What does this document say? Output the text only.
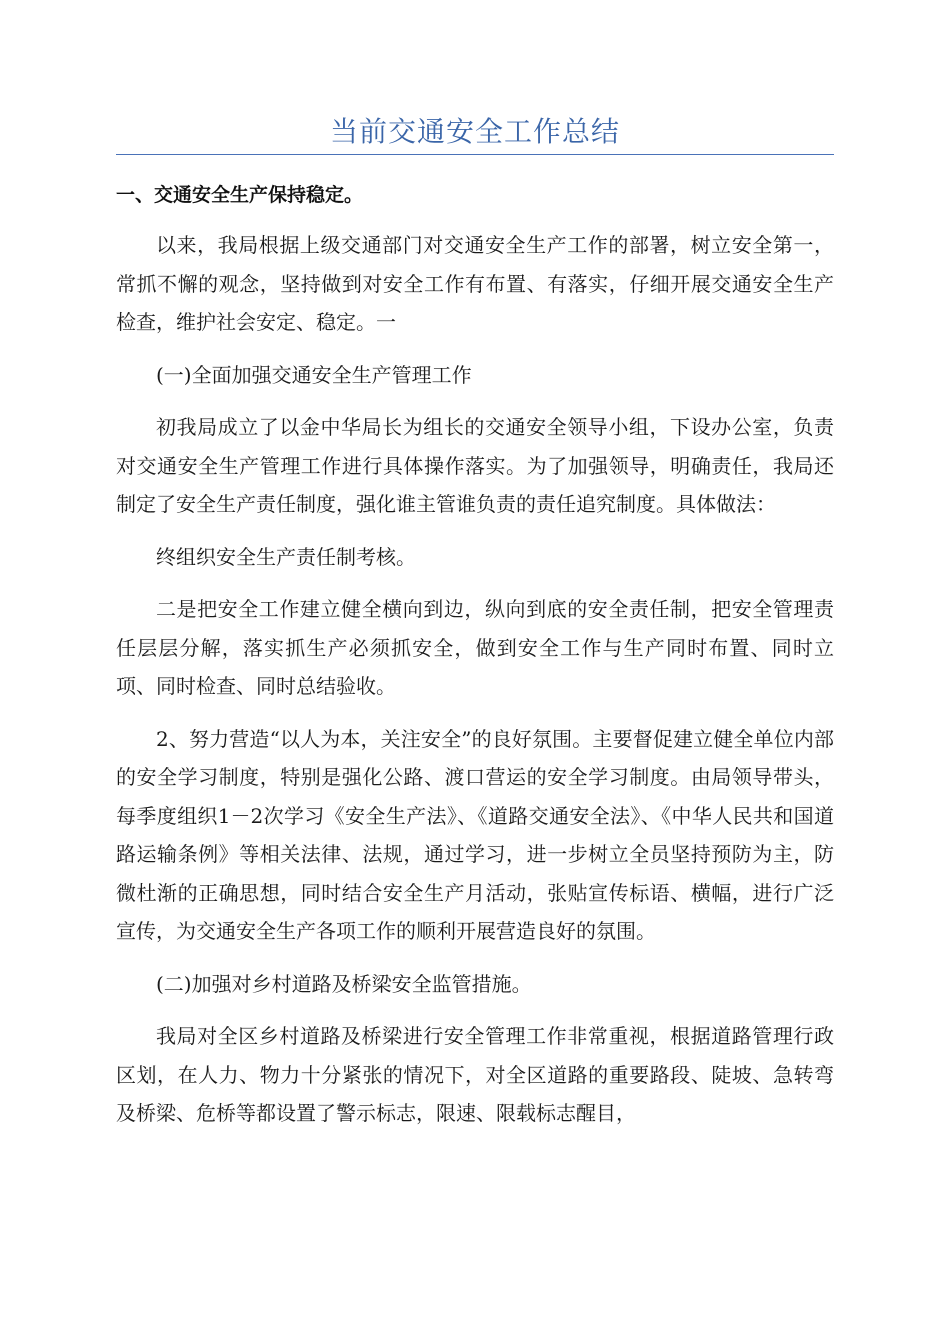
当前交通安全工作总结

一、交通安全生产保持稳定。

以来，我局根据上级交通部门对交通安全生产工作的部署，树立安全第一，常抓不懈的观念，坚持做到对安全工作有布置、有落实，仔细开展交通安全生产检查，维护社会安定、稳定。一

(一)全面加强交通安全生产管理工作

初我局成立了以金中华局长为组长的交通安全领导小组，下设办公室，负责对交通安全生产管理工作进行具体操作落实。为了加强领导，明确责任，我局还制定了安全生产责任制度，强化谁主管谁负责的责任追究制度。具体做法：

终组织安全生产责任制考核。

二是把安全工作建立健全横向到边，纵向到底的安全责任制，把安全管理责任层层分解，落实抓生产必须抓安全，做到安全工作与生产同时布置、同时立项、同时检查、同时总结验收。

2、努力营造“以人为本，关注安全”的良好氛围。主要督促建立健全单位内部的安全学习制度，特别是强化公路、渡口营运的安全学习制度。由局领导带头，每季度组织1－2次学习《安全生产法》、《道路交通安全法》、《中华人民共和国道路运输条例》等相关法律、法规，通过学习，进一步树立全员坚持预防为主，防微杜渐的正确思想，同时结合安全生产月活动，张贴宣传标语、横幅，进行广泛宣传，为交通安全生产各项工作的顺利开展营造良好的氛围。

(二)加强对乡村道路及桥梁安全监管措施。

我局对全区乡村道路及桥梁进行安全管理工作非常重视，根据道路管理行政区划，在人力、物力十分紧张的情况下，对全区道路的重要路段、陡坡、急转弯及桥梁、危桥等都设置了警示标志，限速、限载标志醒目，
